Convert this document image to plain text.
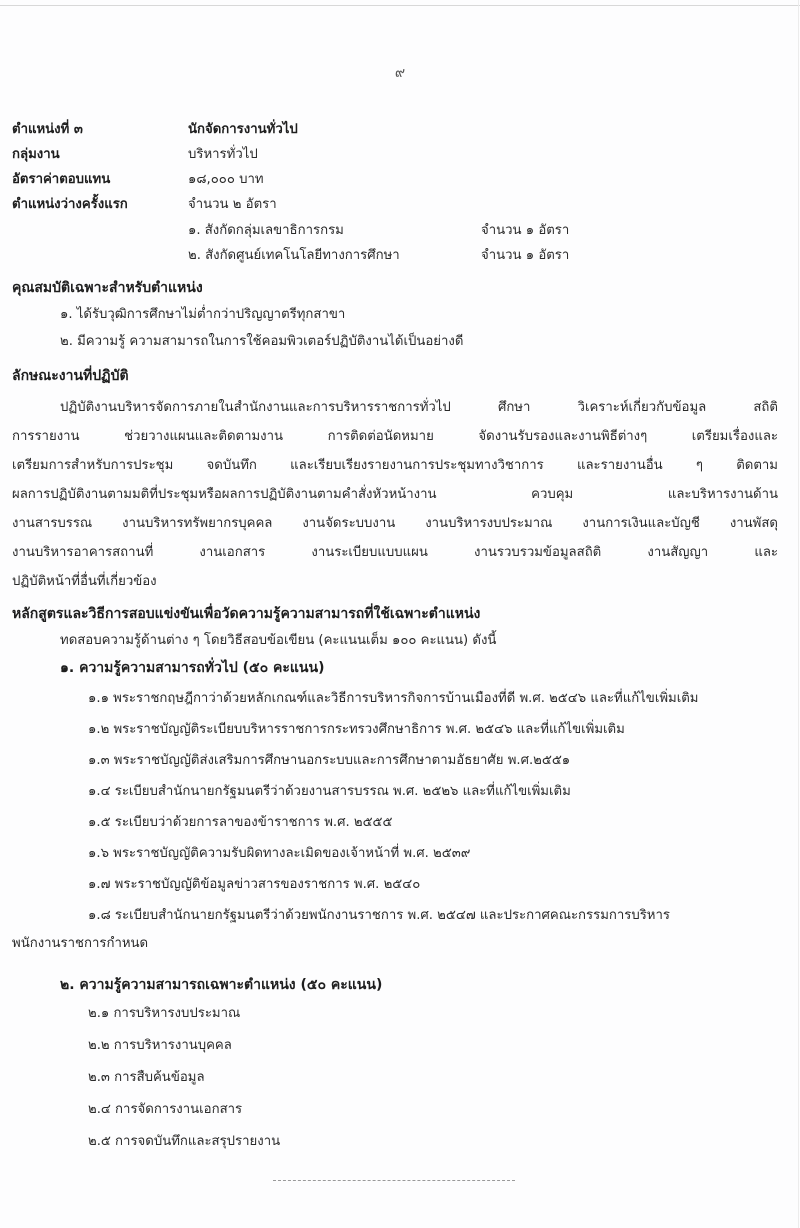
๙
ตำแหน่งที่ ๓	นักจัดการงานทั่วไป
กลุ่มงาน	บริหารทั่วไป
อัตราค่าตอบแทน	๑๘,๐๐๐ บาท
ตำแหน่งว่างครั้งแรก	จำนวน ๒ อัตรา
๑. สังกัดกลุ่มเลขาธิการกรม	จำนวน ๑ อัตรา
๒. สังกัดศูนย์เทคโนโลยีทางการศึกษา	จำนวน ๑ อัตรา
คุณสมบัติเฉพาะสำหรับตำแหน่ง
๑. ได้รับวุฒิการศึกษาไม่ต่ำกว่าปริญญาตรีทุกสาขา
๒. มีความรู้ ความสามารถในการใช้คอมพิวเตอร์ปฏิบัติงานได้เป็นอย่างดี
ลักษณะงานที่ปฏิบัติ
ปฏิบัติงานบริหารจัดการภายในสำนักงานและการบริหารราชการทั่วไป ศึกษา วิเคราะห์เกี่ยวกับข้อมูล สถิติ
การรายงาน ช่วยวางแผนและติดตามงาน การติดต่อนัดหมาย จัดงานรับรองและงานพิธีต่างๆ เตรียมเรื่องและ
เตรียมการสำหรับการประชุม จดบันทึก และเรียบเรียงรายงานการประชุมทางวิชาการ และรายงานอื่น ๆ ติดตาม
ผลการปฏิบัติงานตามมติที่ประชุมหรือผลการปฏิบัติงานตามคำสั่งหัวหน้างาน ควบคุม และบริหารงานด้าน
งานสารบรรณ งานบริหารทรัพยากรบุคคล งานจัดระบบงาน งานบริหารงบประมาณ งานการเงินและบัญชี งานพัสดุ
งานบริหารอาคารสถานที่ งานเอกสาร งานระเบียบแบบแผน งานรวบรวมข้อมูลสถิติ งานสัญญา และ
ปฏิบัติหน้าที่อื่นที่เกี่ยวข้อง
หลักสูตรและวิธีการสอบแข่งขันเพื่อวัดความรู้ความสามารถที่ใช้เฉพาะตำแหน่ง
ทดสอบความรู้ด้านต่าง ๆ โดยวิธีสอบข้อเขียน (คะแนนเต็ม ๑๐๐ คะแนน) ดังนี้
๑. ความรู้ความสามารถทั่วไป (๕๐ คะแนน)
๑.๑ พระราชกฤษฎีกาว่าด้วยหลักเกณฑ์และวิธีการบริหารกิจการบ้านเมืองที่ดี พ.ศ. ๒๕๔๖ และที่แก้ไขเพิ่มเติม
๑.๒ พระราชบัญญัติระเบียบบริหารราชการกระทรวงศึกษาธิการ พ.ศ. ๒๕๔๖ และที่แก้ไขเพิ่มเติม
๑.๓ พระราชบัญญัติส่งเสริมการศึกษานอกระบบและการศึกษาตามอัธยาศัย พ.ศ.๒๕๕๑
๑.๔ ระเบียบสำนักนายกรัฐมนตรีว่าด้วยงานสารบรรณ พ.ศ. ๒๕๒๖ และที่แก้ไขเพิ่มเติม
๑.๕ ระเบียบว่าด้วยการลาของข้าราชการ พ.ศ. ๒๕๕๕
๑.๖ พระราชบัญญัติความรับผิดทางละเมิดของเจ้าหน้าที่ พ.ศ. ๒๕๓๙
๑.๗ พระราชบัญญัติข้อมูลข่าวสารของราชการ พ.ศ. ๒๕๔๐
๑.๘ ระเบียบสำนักนายกรัฐมนตรีว่าด้วยพนักงานราชการ พ.ศ. ๒๕๔๗ และประกาศคณะกรรมการบริหาร
พนักงานราชการกำหนด
๒. ความรู้ความสามารถเฉพาะตำแหน่ง (๕๐ คะแนน)
๒.๑ การบริหารงบประมาณ
๒.๒ การบริหารงานบุคคล
๒.๓ การสืบค้นข้อมูล
๒.๔ การจัดการงานเอกสาร
๒.๕ การจดบันทึกและสรุปรายงาน
